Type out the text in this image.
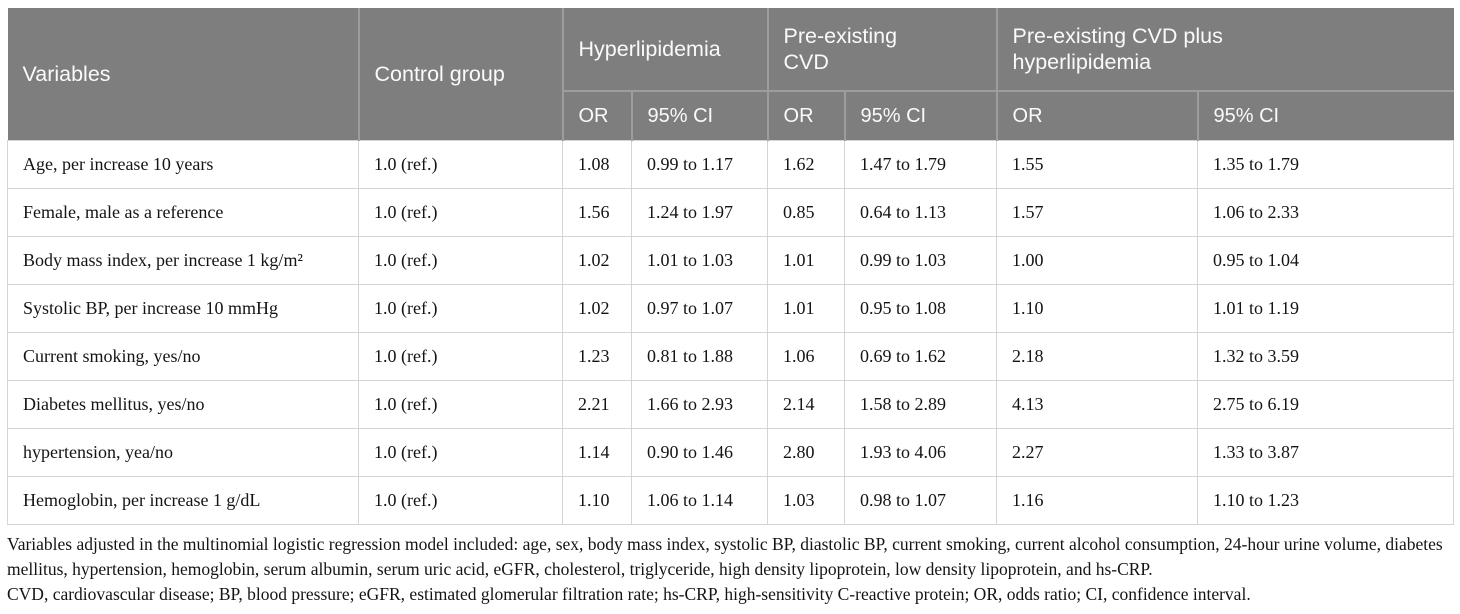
Variables	Control group	Hyperlipidemia		Pre-existing CVD		Pre-existing CVD plus hyperlipidemia	

		OR	95% CI	OR	95% CI	OR	95% CI
Age, per increase 10 years	1.0 (ref.)	1.08	0.99 to 1.17	1.62	1.47 to 1.79	1.55	1.35 to 1.79
Female, male as a reference	1.0 (ref.)	1.56	1.24 to 1.97	0.85	0.64 to 1.13	1.57	1.06 to 2.33
Body mass index, per increase 1 kg/m²	1.0 (ref.)	1.02	1.01 to 1.03	1.01	0.99 to 1.03	1.00	0.95 to 1.04
Systolic BP, per increase 10 mmHg	1.0 (ref.)	1.02	0.97 to 1.07	1.01	0.95 to 1.08	1.10	1.01 to 1.19
Current smoking, yes/no	1.0 (ref.)	1.23	0.81 to 1.88	1.06	0.69 to 1.62	2.18	1.32 to 3.59
Diabetes mellitus, yes/no	1.0 (ref.)	2.21	1.66 to 2.93	2.14	1.58 to 2.89	4.13	2.75 to 6.19
hypertension, yea/no	1.0 (ref.)	1.14	0.90 to 1.46	2.80	1.93 to 4.06	2.27	1.33 to 3.87
Hemoglobin, per increase 1 g/dL	1.0 (ref.)	1.10	1.06 to 1.14	1.03	0.98 to 1.07	1.16	1.10 to 1.23

Variables adjusted in the multinomial logistic regression model included: age, sex, body mass index, systolic BP, diastolic BP, current smoking, current alcohol consumption, 24-hour urine volume, diabetes mellitus, hypertension, hemoglobin, serum albumin, serum uric acid, eGFR, cholesterol, triglyceride, high density lipoprotein, low density lipoprotein, and hs-CRP.

CVD, cardiovascular disease; BP, blood pressure; eGFR, estimated glomerular filtration rate; hs-CRP, high-sensitivity C-reactive protein; OR, odds ratio; CI, confidence interval.
